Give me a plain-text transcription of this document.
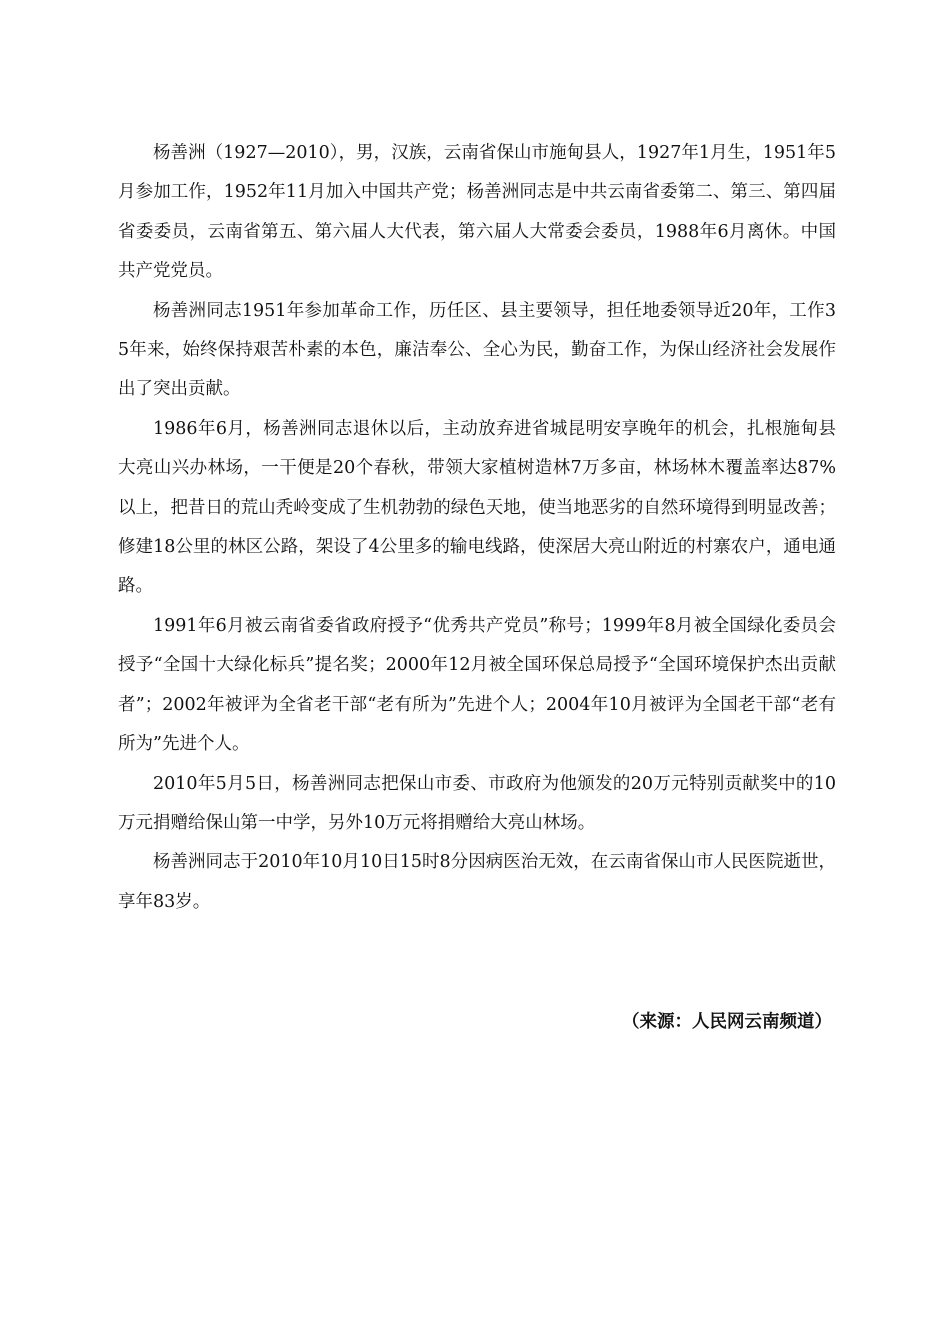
杨善洲（1927—2010），男，汉族，云南省保山市施甸县人，1927年1月生，1951年5月参加工作，1952年11月加入中国共产党；杨善洲同志是中共云南省委第二、第三、第四届省委委员，云南省第五、第六届人大代表，第六届人大常委会委员，1988年6月离休。中国共产党党员。

杨善洲同志1951年参加革命工作，历任区、县主要领导，担任地委领导近20年，工作35年来，始终保持艰苦朴素的本色，廉洁奉公、全心为民，勤奋工作，为保山经济社会发展作出了突出贡献。

1986年6月，杨善洲同志退休以后，主动放弃进省城昆明安享晚年的机会，扎根施甸县大亮山兴办林场，一干便是20个春秋，带领大家植树造林7万多亩，林场林木覆盖率达87%以上，把昔日的荒山秃岭变成了生机勃勃的绿色天地，使当地恶劣的自然环境得到明显改善；修建18公里的林区公路，架设了4公里多的输电线路，使深居大亮山附近的村寨农户，通电通路。

1991年6月被云南省委省政府授予“优秀共产党员”称号；1999年8月被全国绿化委员会授予“全国十大绿化标兵”提名奖；2000年12月被全国环保总局授予“全国环境保护杰出贡献者”；2002年被评为全省老干部“老有所为”先进个人；2004年10月被评为全国老干部“老有所为”先进个人。

2010年5月5日，杨善洲同志把保山市委、市政府为他颁发的20万元特别贡献奖中的10万元捐赠给保山第一中学，另外10万元将捐赠给大亮山林场。

杨善洲同志于2010年10月10日15时8分因病医治无效，在云南省保山市人民医院逝世，享年83岁。

（来源：人民网云南频道）
